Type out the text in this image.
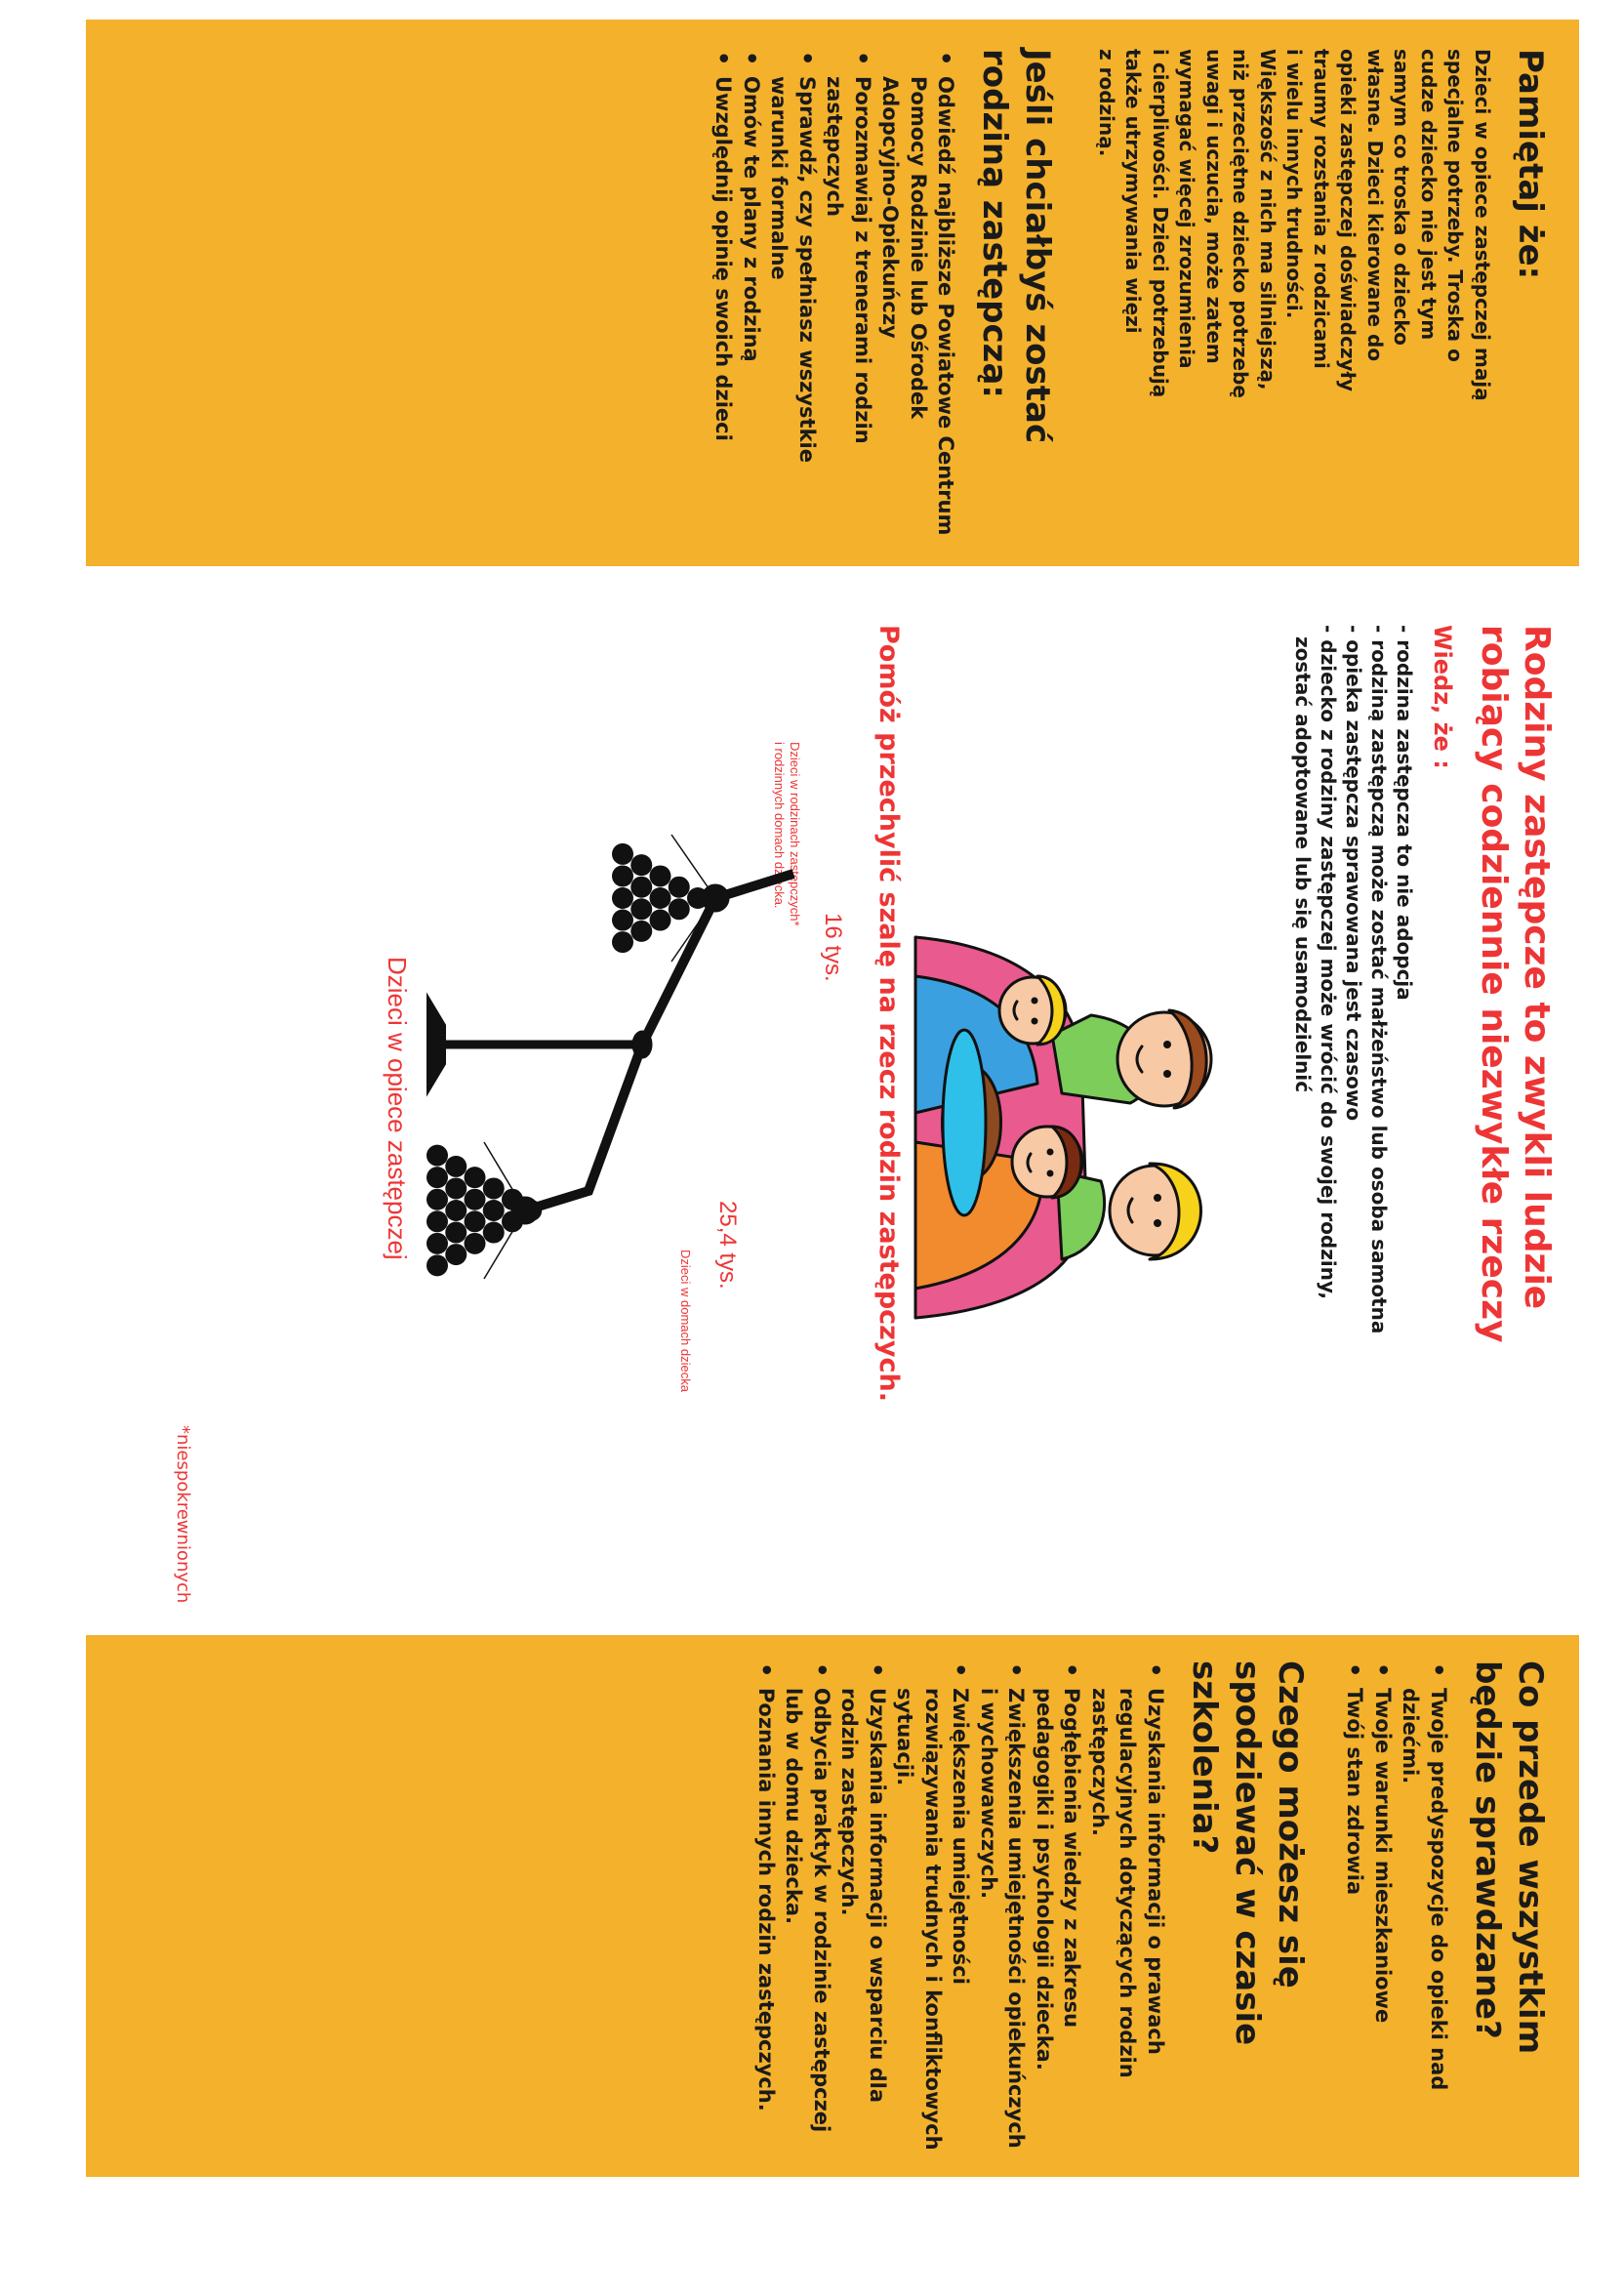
Pamiętaj że:
Dzieci w opiece zastępczej mają
specjalne potrzeby. Troska o
cudze dziecko nie jest tym
samym co troska o dziecko
własne. Dzieci kierowane do
opieki zastępczej doświadczyły
traumy rozstania z rodzicami
i wielu innych trudności.
Większość z nich ma silniejszą,
niż przeciętne dziecko potrzebę
uwagi i uczucia, może zatem
wymagać więcej zrozumienia
i cierpliwości. Dzieci potrzebują
także utrzymywania więzi
z rodziną.
Jeśli chciałbyś zostać
rodziną zastępczą:
• Odwiedź najbliższe Powiatowe Centrum Pomocy Rodzinie lub Ośrodek Adopcyjno-Opiekuńczy
• Porozmawiaj z trenerami rodzin zastępczych
• Sprawdź, czy spełniasz wszystkie warunki formalne
• Omów te plany z rodziną
• Uwzględnij opinię swoich dzieci
Rodziny zastępcze to zwykli ludzie
robiący codziennie niezwykłe rzeczy
Wiedz, że :
- rodzina zastępcza to nie adopcja
- rodziną zastępczą może zostać małżeństwo lub osoba samotna
- opieka zastępcza sprawowana jest czasowo
- dziecko z rodziny zastępczej może wrócić do swojej rodziny,
zostać adoptowane lub się usamodzielnić
Pomóż przechylić szalę na rzecz rodzin zastępczych.
16 tys.
Dzieci w rodzinach zastępczych*
i rodzinnych domach dziecka.
25,4 tys.
Dzieci w domach dziecka
Dzieci w opiece zastępczej
*niespokrewnionych
Co przede wszystkim
będzie sprawdzane?
• Twoje predyspozycje do opieki nad dziećmi.
• Twoje warunki mieszkaniowe
• Twój stan zdrowia
Czego możesz się
spodziewać w czasie
szkolenia?
• Uzyskania informacji o prawach regulacyjnych dotyczących rodzin zastępczych.
• Pogłębienia wiedzy z zakresu pedagogiki i psychologii dziecka.
• Zwiększenia umiejętności opiekuńczych i wychowawczych.
• Zwiększenia umiejętności rozwiązywania trudnych i konfliktowych sytuacji.
• Uzyskania informacji o wsparciu dla rodzin zastępczych.
• Odbycia praktyk w rodzinie zastępczej lub w domu dziecka.
• Poznania innych rodzin zastępczych.
